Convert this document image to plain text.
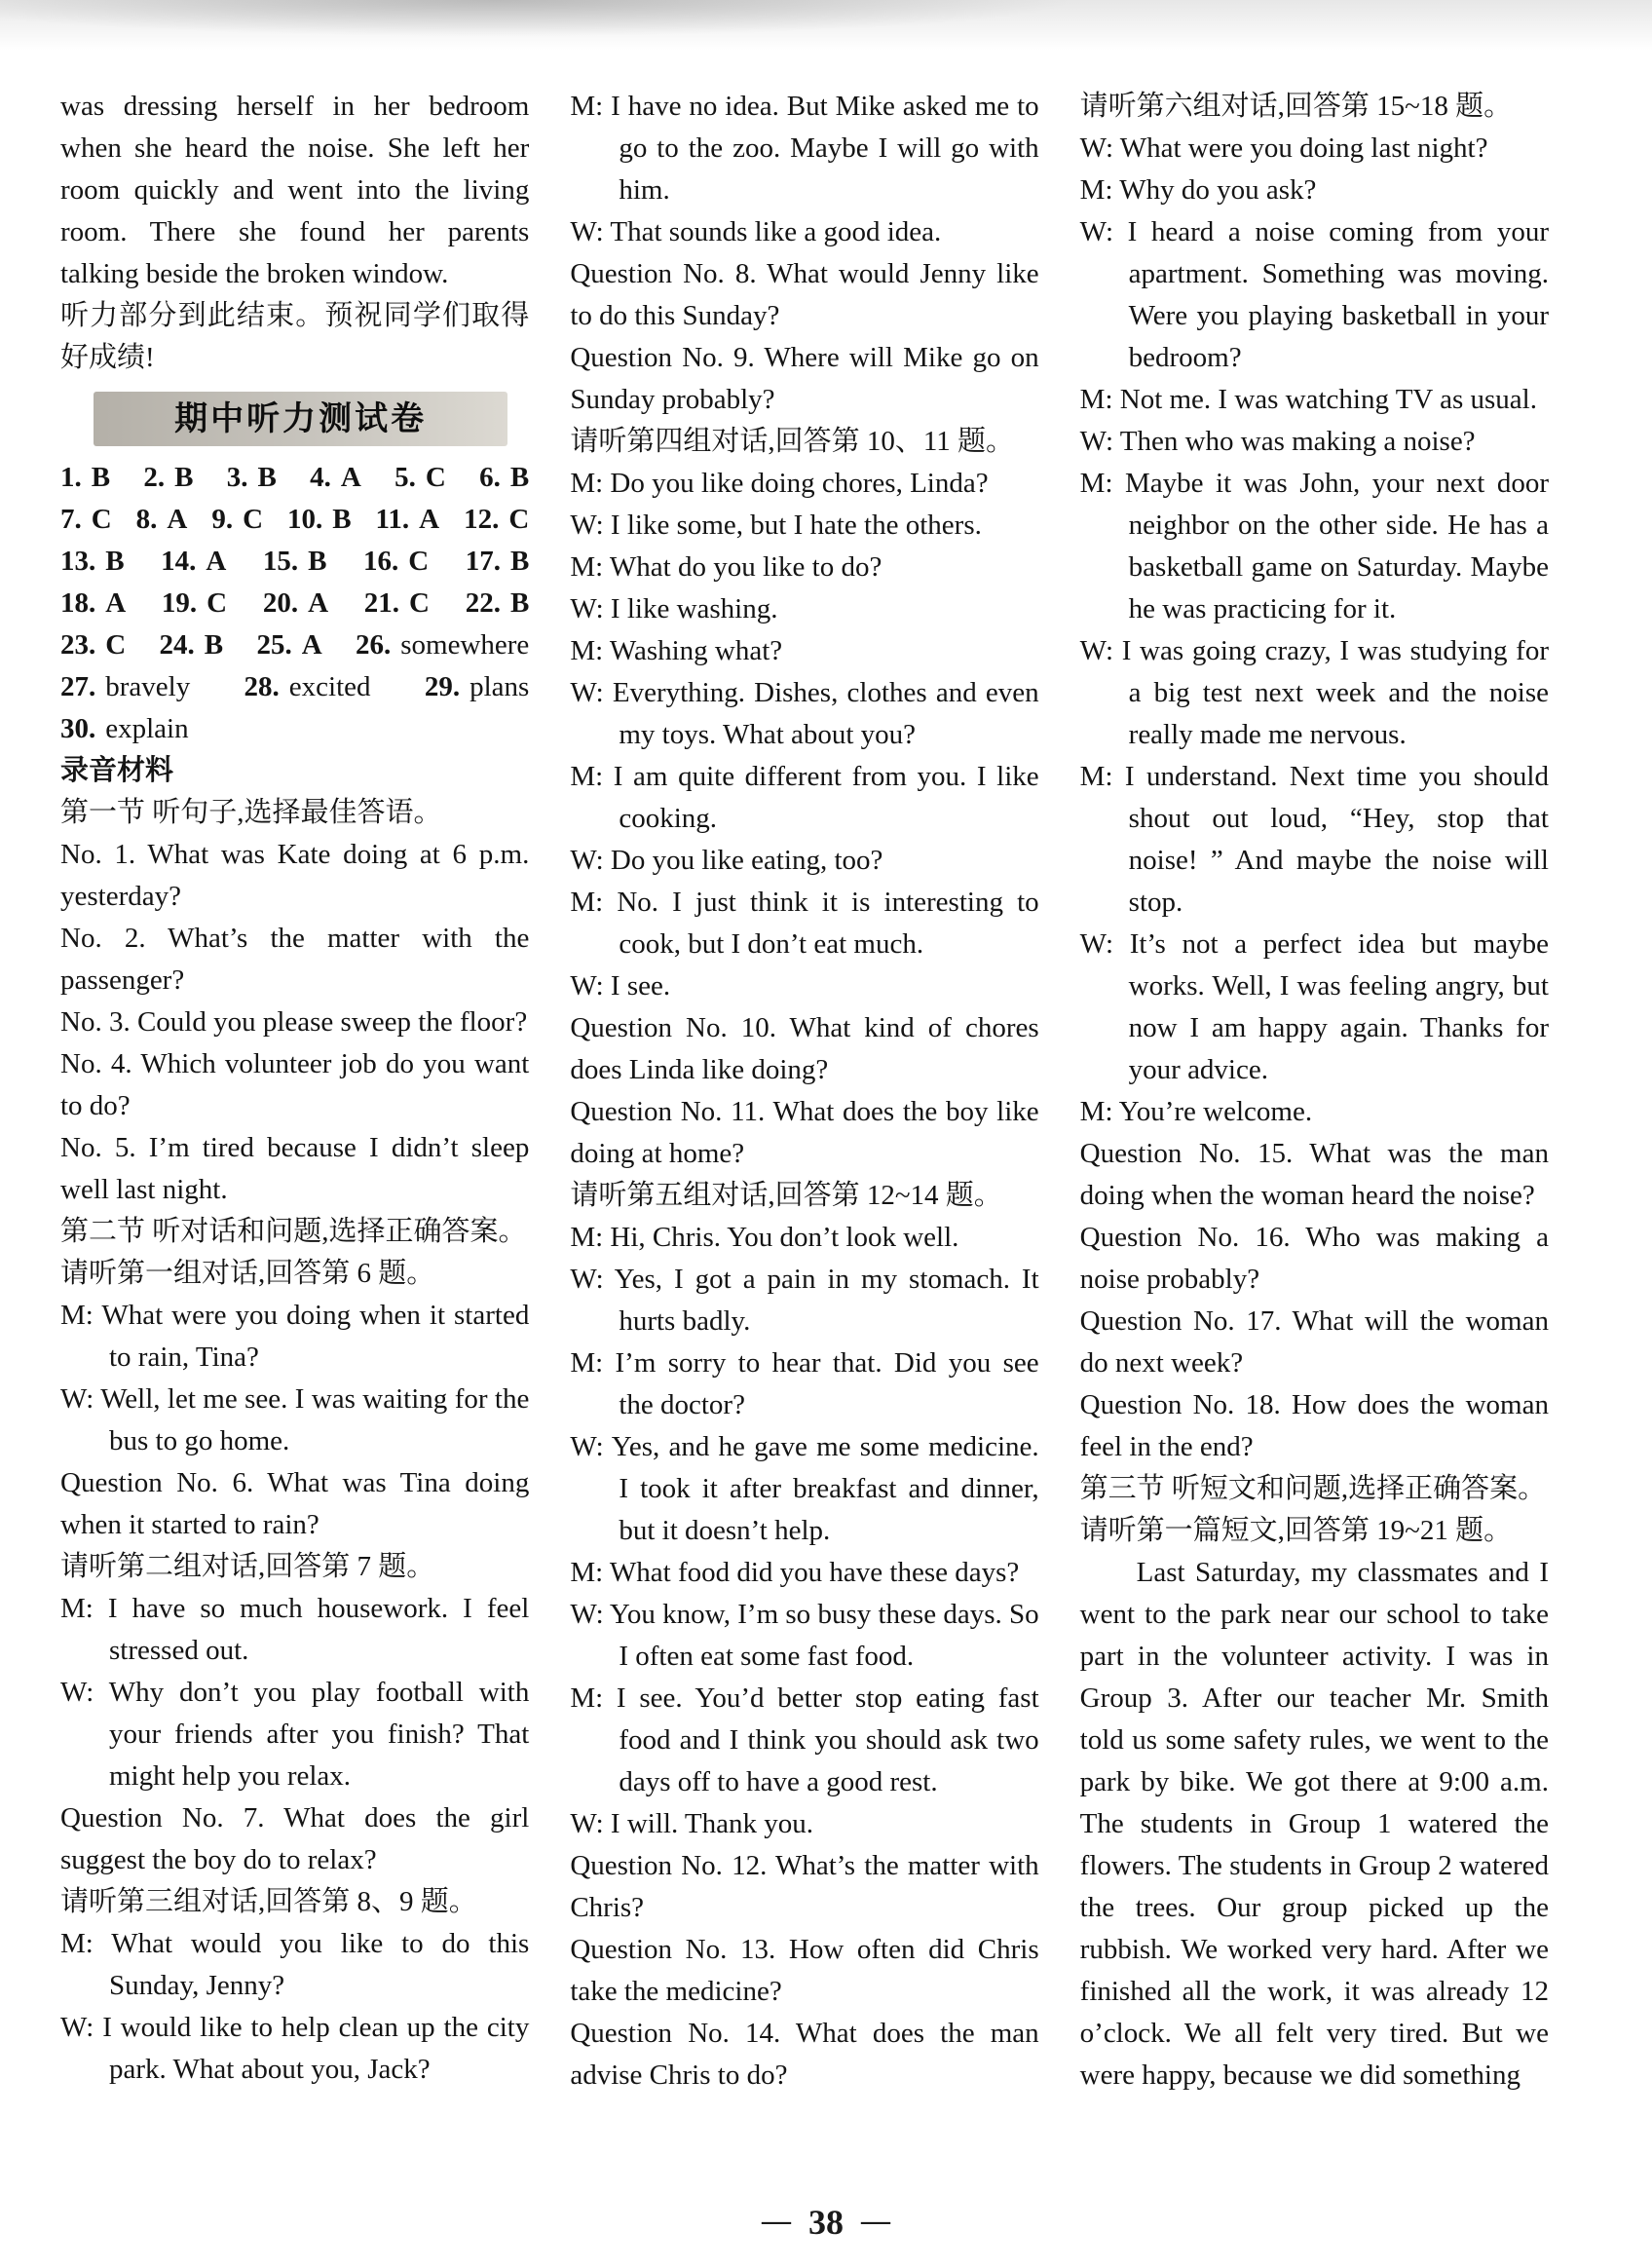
was dressing herself in her bedroom when she heard the noise. She left her room quickly and went into the living room. There she found her parents talking beside the broken window.
听力部分到此结束。预祝同学们取得好成绩!
期中听力测试卷
1. B 2. B 3. B 4. A 5. C 6. B
7. C 8. A 9. C 10. B 11. A 12. C
13. B 14. A 15. B 16. C 17. B
18. A 19. C 20. A 21. C 22. B
23. C 24. B 25. A 26. somewhere
27. bravely 28. excited 29. plans
30. explain
录音材料
第一节 听句子,选择最佳答语。
No. 1. What was Kate doing at 6 p.m. yesterday?
No. 2. What’s the matter with the passenger?
No. 3. Could you please sweep the floor?
No. 4. Which volunteer job do you want to do?
No. 5. I’m tired because I didn’t sleep well last night.
第二节 听对话和问题,选择正确答案。
请听第一组对话,回答第 6 题。
M: What were you doing when it started to rain, Tina?
W: Well, let me see. I was waiting for the bus to go home.
Question No. 6. What was Tina doing when it started to rain?
请听第二组对话,回答第 7 题。
M: I have so much housework. I feel stressed out.
W: Why don’t you play football with your friends after you finish? That might help you relax.
Question No. 7. What does the girl suggest the boy do to relax?
请听第三组对话,回答第 8、9 题。
M: What would you like to do this Sunday, Jenny?
W: I would like to help clean up the city park. What about you, Jack?
M: I have no idea. But Mike asked me to go to the zoo. Maybe I will go with him.
W: That sounds like a good idea.
Question No. 8. What would Jenny like to do this Sunday?
Question No. 9. Where will Mike go on Sunday probably?
请听第四组对话,回答第 10、11 题。
M: Do you like doing chores, Linda?
W: I like some, but I hate the others.
M: What do you like to do?
W: I like washing.
M: Washing what?
W: Everything. Dishes, clothes and even my toys. What about you?
M: I am quite different from you. I like cooking.
W: Do you like eating, too?
M: No. I just think it is interesting to cook, but I don’t eat much.
W: I see.
Question No. 10. What kind of chores does Linda like doing?
Question No. 11. What does the boy like doing at home?
请听第五组对话,回答第 12~14 题。
M: Hi, Chris. You don’t look well.
W: Yes, I got a pain in my stomach. It hurts badly.
M: I’m sorry to hear that. Did you see the doctor?
W: Yes, and he gave me some medicine. I took it after breakfast and dinner, but it doesn’t help.
M: What food did you have these days?
W: You know, I’m so busy these days. So I often eat some fast food.
M: I see. You’d better stop eating fast food and I think you should ask two days off to have a good rest.
W: I will. Thank you.
Question No. 12. What’s the matter with Chris?
Question No. 13. How often did Chris take the medicine?
Question No. 14. What does the man advise Chris to do?
请听第六组对话,回答第 15~18 题。
W: What were you doing last night?
M: Why do you ask?
W: I heard a noise coming from your apartment. Something was moving. Were you playing basketball in your bedroom?
M: Not me. I was watching TV as usual.
W: Then who was making a noise?
M: Maybe it was John, your next door neighbor on the other side. He has a basketball game on Saturday. Maybe he was practicing for it.
W: I was going crazy, I was studying for a big test next week and the noise really made me nervous.
M: I understand. Next time you should shout out loud, “Hey, stop that noise! ” And maybe the noise will stop.
W: It’s not a perfect idea but maybe works. Well, I was feeling angry, but now I am happy again. Thanks for your advice.
M: You’re welcome.
Question No. 15. What was the man doing when the woman heard the noise?
Question No. 16. Who was making a noise probably?
Question No. 17. What will the woman do next week?
Question No. 18. How does the woman feel in the end?
第三节 听短文和问题,选择正确答案。
请听第一篇短文,回答第 19~21 题。
Last Saturday, my classmates and I went to the park near our school to take part in the volunteer activity. I was in Group 3. After our teacher Mr. Smith told us some safety rules, we went to the park by bike. We got there at 9:00 a.m. The students in Group 1 watered the flowers. The students in Group 2 watered the trees. Our group picked up the rubbish. We worked very hard. After we finished all the work, it was already 12 o’clock. We all felt very tired. But we were happy, because we did something
— 38 —
